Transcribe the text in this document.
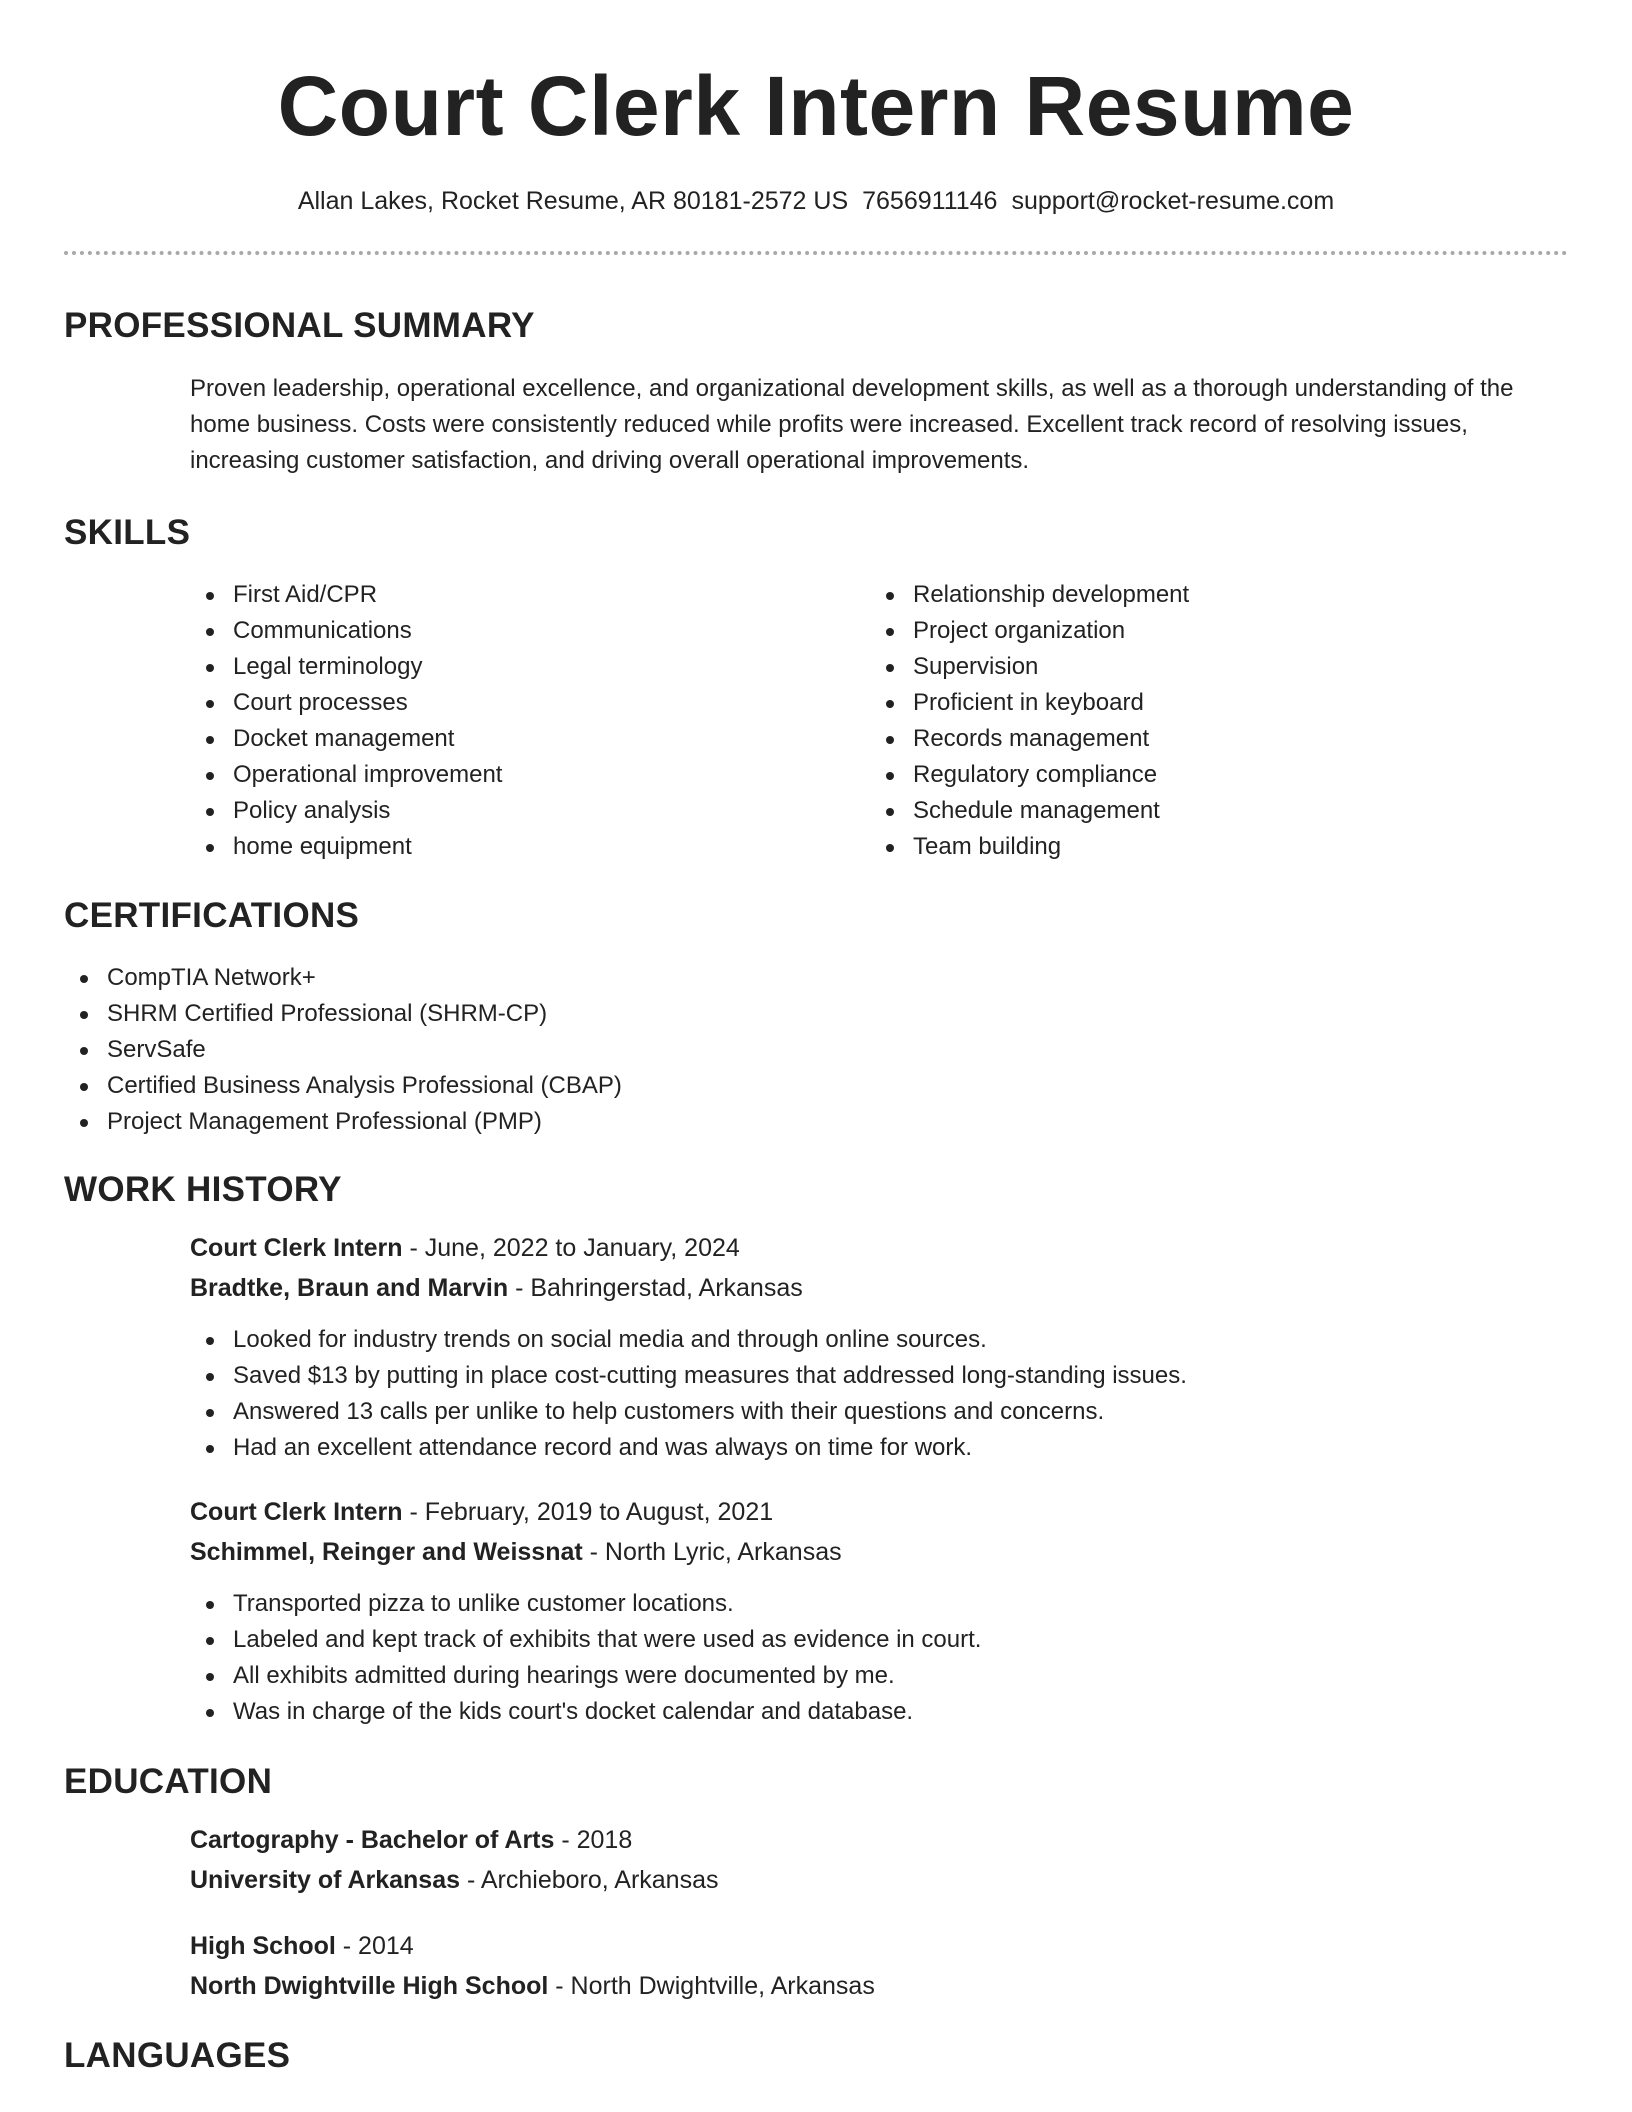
Court Clerk Intern Resume
Allan Lakes, Rocket Resume, AR 80181-2572 US 7656911146 support@rocket-resume.com
PROFESSIONAL SUMMARY
Proven leadership, operational excellence, and organizational development skills, as well as a thorough understanding of the home business. Costs were consistently reduced while profits were increased. Excellent track record of resolving issues, increasing customer satisfaction, and driving overall operational improvements.
SKILLS
First Aid/CPR
Communications
Legal terminology
Court processes
Docket management
Operational improvement
Policy analysis
home equipment
Relationship development
Project organization
Supervision
Proficient in keyboard
Records management
Regulatory compliance
Schedule management
Team building
CERTIFICATIONS
CompTIA Network+
SHRM Certified Professional (SHRM-CP)
ServSafe
Certified Business Analysis Professional (CBAP)
Project Management Professional (PMP)
WORK HISTORY
Court Clerk Intern - June, 2022 to January, 2024
Bradtke, Braun and Marvin - Bahringerstad, Arkansas
Looked for industry trends on social media and through online sources.
Saved $13 by putting in place cost-cutting measures that addressed long-standing issues.
Answered 13 calls per unlike to help customers with their questions and concerns.
Had an excellent attendance record and was always on time for work.
Court Clerk Intern - February, 2019 to August, 2021
Schimmel, Reinger and Weissnat - North Lyric, Arkansas
Transported pizza to unlike customer locations.
Labeled and kept track of exhibits that were used as evidence in court.
All exhibits admitted during hearings were documented by me.
Was in charge of the kids court's docket calendar and database.
EDUCATION
Cartography - Bachelor of Arts - 2018
University of Arkansas - Archieboro, Arkansas
High School - 2014
North Dwightville High School - North Dwightville, Arkansas
LANGUAGES
